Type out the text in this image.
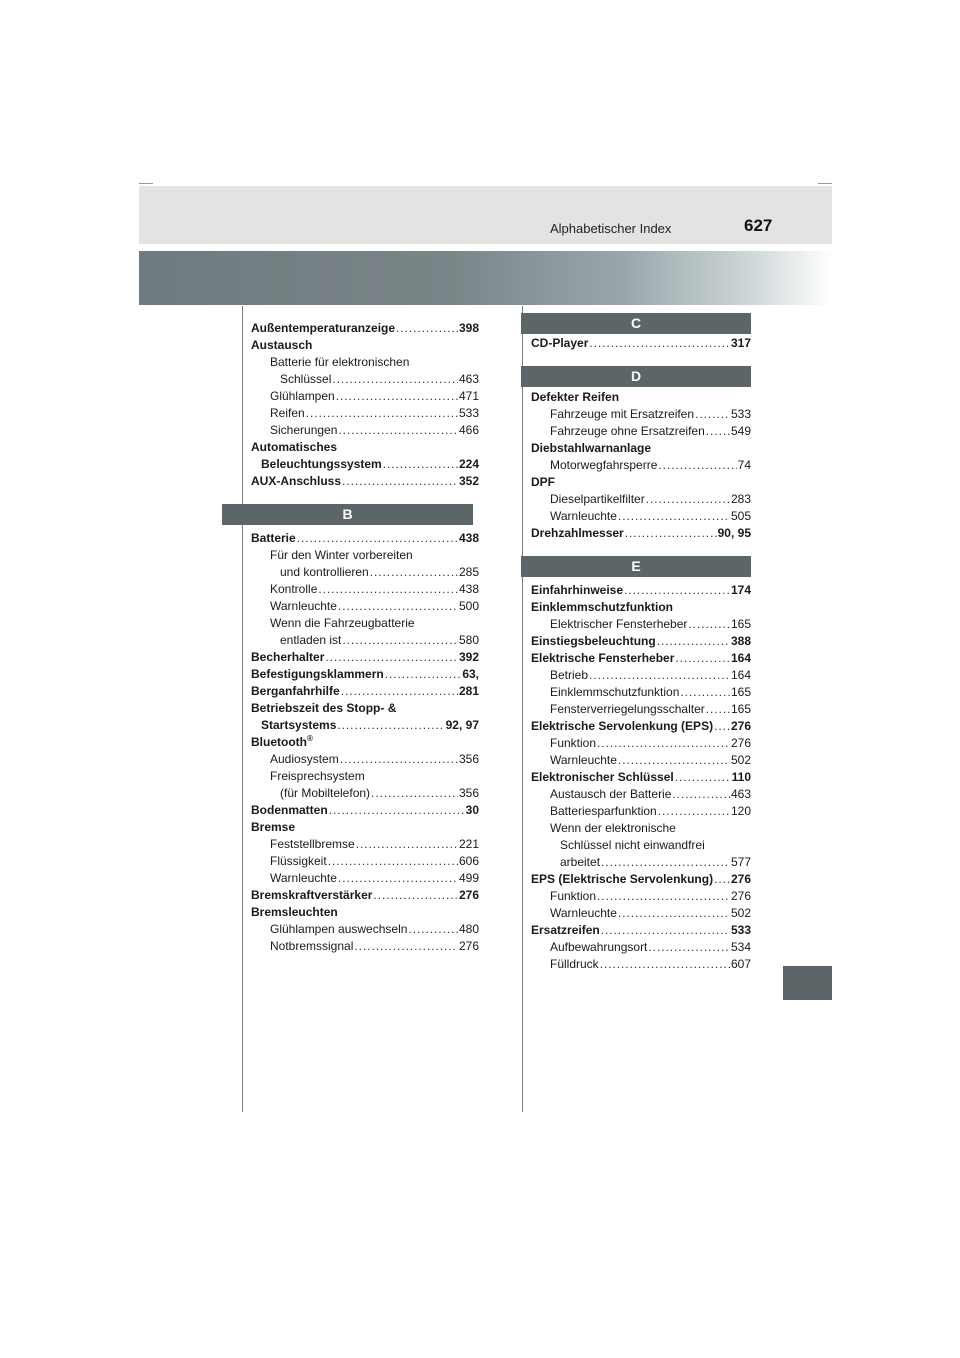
Alphabetischer Index	627
Außentemperaturanzeige . . .	398
Austausch
Batterie für elektronischen
Schlüssel . . .	463
Glühlampen . . .	471
Reifen . . .	533
Sicherungen . . .	466
Automatisches
Beleuchtungssystem . . .	224
AUX-Anschluss . . .	352
B
Batterie . . .	438
Für den Winter vorbereiten
und kontrollieren . . .	285
Kontrolle . . .	438
Warnleuchte . . .	500
Wenn die Fahrzeugbatterie
entladen ist . . .	580
Becherhalter . . .	392
Befestigungsklammern . . .	63,
Berganfahrhilfe . . .	281
Betriebszeit des Stopp- &
Startsystems . . .	92, 97
Bluetooth®
Audiosystem . . .	356
Freisprechsystem
(für Mobiltelefon) . . .	356
Bodenmatten . . .	30
Bremse
Feststellbremse . . .	221
Flüssigkeit . . .	606
Warnleuchte . . .	499
Bremskraftverstärker . . .	276
Bremsleuchten
Glühlampen auswechseln . . .	480
Notbremssignal . . .	276
C
CD-Player . . .	317
D
Defekter Reifen
Fahrzeuge mit Ersatzreifen . . .	533
Fahrzeuge ohne Ersatzreifen . . . 549
Diebstahlwarnanlage
Motorwegfahrsperre . . .	74
DPF
Dieselpartikelfilter . . .	283
Warnleuchte . . .	505
Drehzahlmesser . . .	90, 95
E
Einfahrhinweise . . .	174
Einklemmschutzfunktion
Elektrischer Fensterheber . . .	165
Einstiegsbeleuchtung . . .	388
Elektrische Fensterheber . . .	164
Betrieb . . .	164
Einklemmschutzfunktion . . .	165
Fensterverriegelungsschalter . . . 165
Elektrische Servolenkung (EPS) . . . 276
Funktion . . .	276
Warnleuchte . . .	502
Elektronischer Schlüssel . . .	110
Austausch der Batterie . . .	463
Batteriesparfunktion . . .	120
Wenn der elektronische
Schlüssel nicht einwandfrei
arbeitet . . .	577
EPS (Elektrische Servolenkung) . . . 276
Funktion . . .	276
Warnleuchte . . .	502
Ersatzreifen . . .	533
Aufbewahrungsort . . .	534
Fülldruck . . .	607
